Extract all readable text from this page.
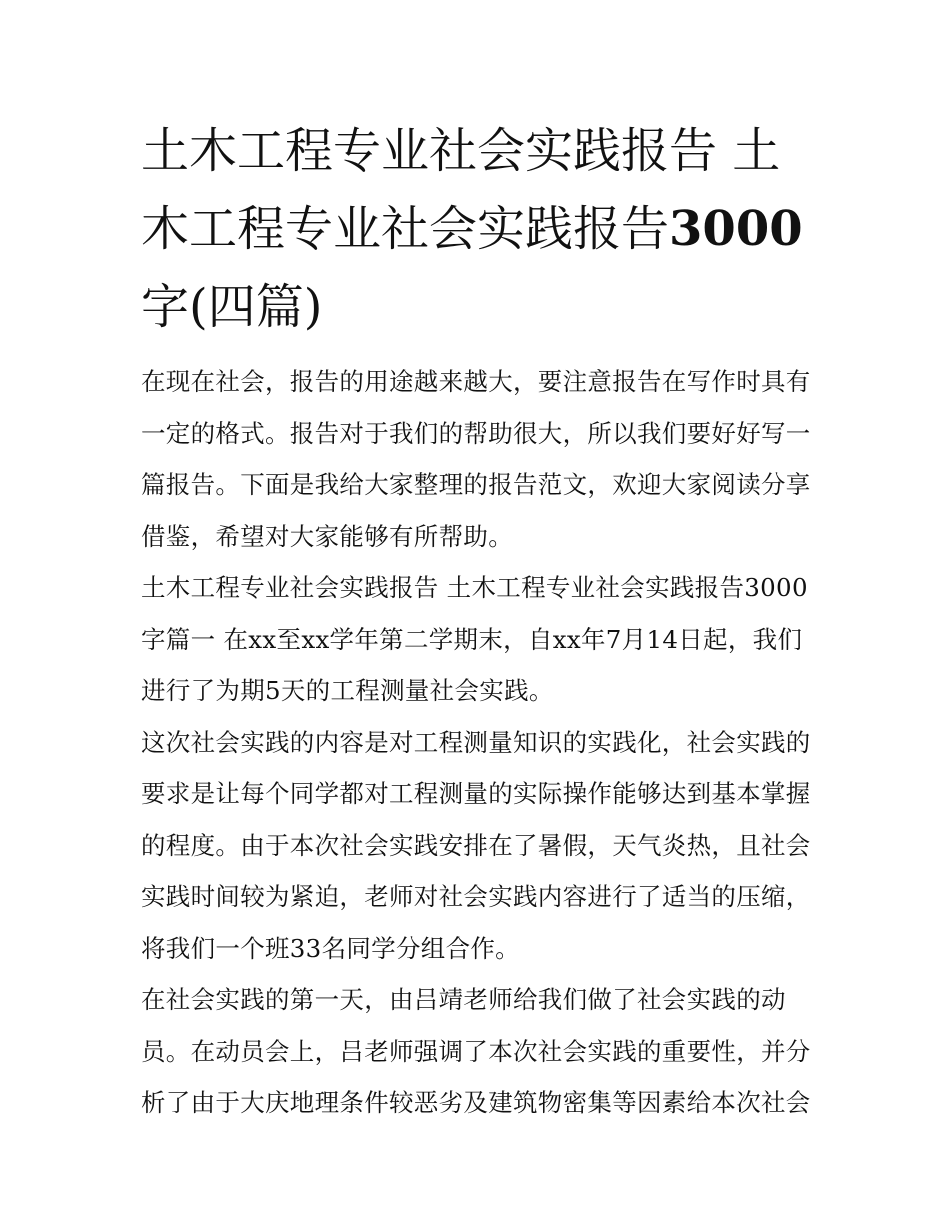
土木工程专业社会实践报告 土木工程专业社会实践报告3000字(四篇)

在现在社会，报告的用途越来越大，要注意报告在写作时具有一定的格式。报告对于我们的帮助很大，所以我们要好好写一篇报告。下面是我给大家整理的报告范文，欢迎大家阅读分享借鉴，希望对大家能够有所帮助。

土木工程专业社会实践报告 土木工程专业社会实践报告3000字篇一 在xx至xx学年第二学期末，自xx年7月14日起，我们进行了为期5天的工程测量社会实践。

这次社会实践的内容是对工程测量知识的实践化，社会实践的要求是让每个同学都对工程测量的实际操作能够达到基本掌握的程度。由于本次社会实践安排在了暑假，天气炎热，且社会实践时间较为紧迫，老师对社会实践内容进行了适当的压缩，将我们一个班33名同学分组合作。

在社会实践的第一天，由吕靖老师给我们做了社会实践的动员。在动员会上，吕老师强调了本次社会实践的重要性，并分析了由于大庆地理条件较恶劣及建筑物密集等因素给本次社会
